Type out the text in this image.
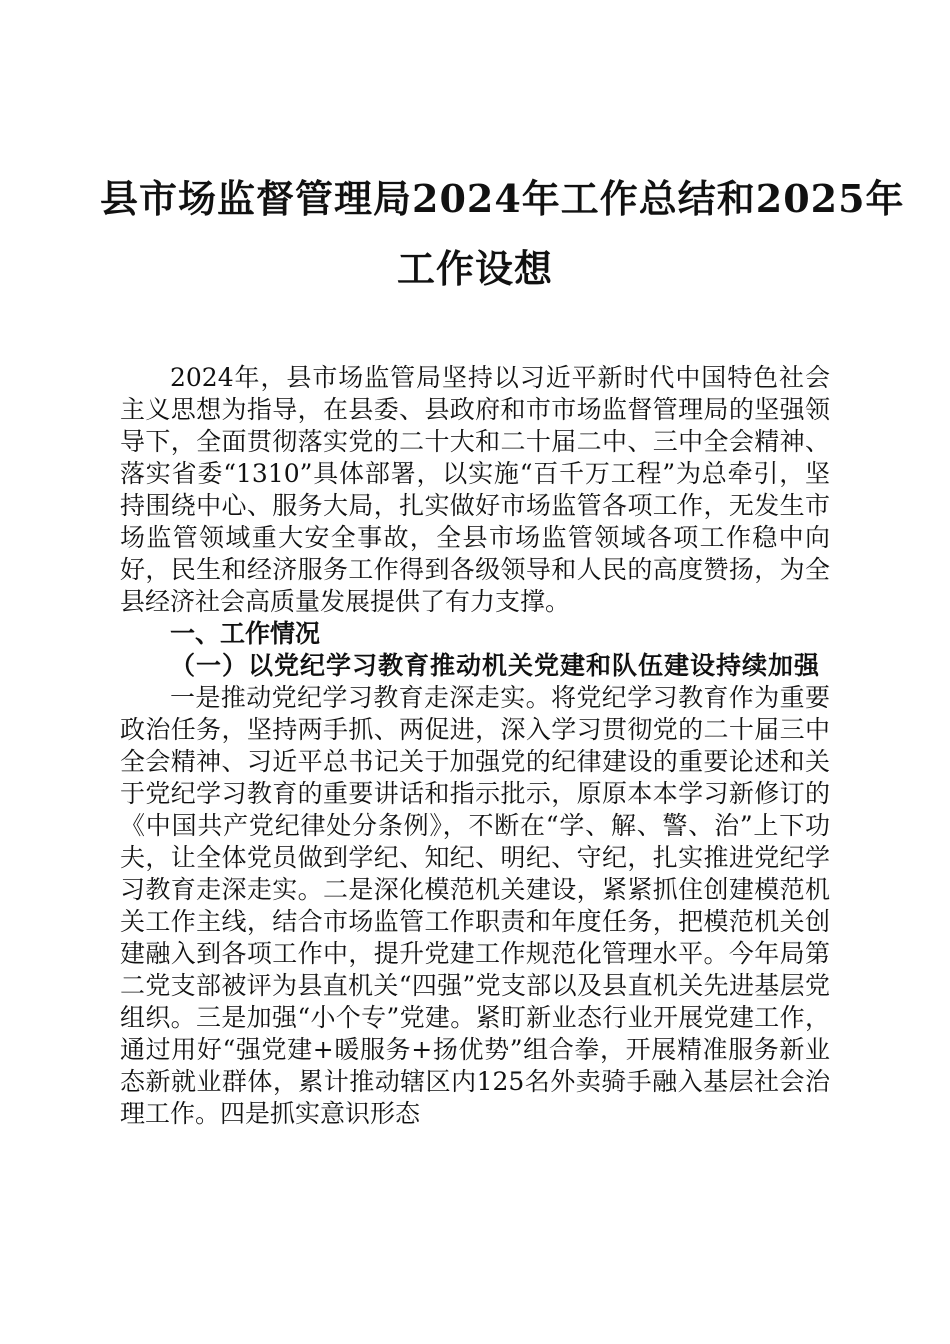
县市场监督管理局2024年工作总结和2025年
工作设想

2024年，县市场监管局坚持以习近平新时代中国特色社会主义思想为指导，在县委、县政府和市市场监督管理局的坚强领导下，全面贯彻落实党的二十大和二十届二中、三中全会精神、落实省委“1310”具体部署，以实施“百千万工程”为总牵引，坚持围绕中心、服务大局，扎实做好市场监管各项工作，无发生市场监管领域重大安全事故，全县市场监管领域各项工作稳中向好，民生和经济服务工作得到各级领导和人民的高度赞扬，为全县经济社会高质量发展提供了有力支撑。

一、工作情况

（一）以党纪学习教育推动机关党建和队伍建设持续加强

一是推动党纪学习教育走深走实。将党纪学习教育作为重要政治任务，坚持两手抓、两促进，深入学习贯彻党的二十届三中全会精神、习近平总书记关于加强党的纪律建设的重要论述和关于党纪学习教育的重要讲话和指示批示，原原本本学习新修订的《中国共产党纪律处分条例》，不断在“学、解、警、治”上下功夫，让全体党员做到学纪、知纪、明纪、守纪，扎实推进党纪学习教育走深走实。二是深化模范机关建设，紧紧抓住创建模范机关工作主线，结合市场监管工作职责和年度任务，把模范机关创建融入到各项工作中，提升党建工作规范化管理水平。今年局第二党支部被评为县直机关“四强”党支部以及县直机关先进基层党组织。三是加强“小个专”党建。紧盯新业态行业开展党建工作，通过用好“强党建+暖服务+扬优势”组合拳，开展精准服务新业态新就业群体，累计推动辖区内125名外卖骑手融入基层社会治理工作。四是抓实意识形态
